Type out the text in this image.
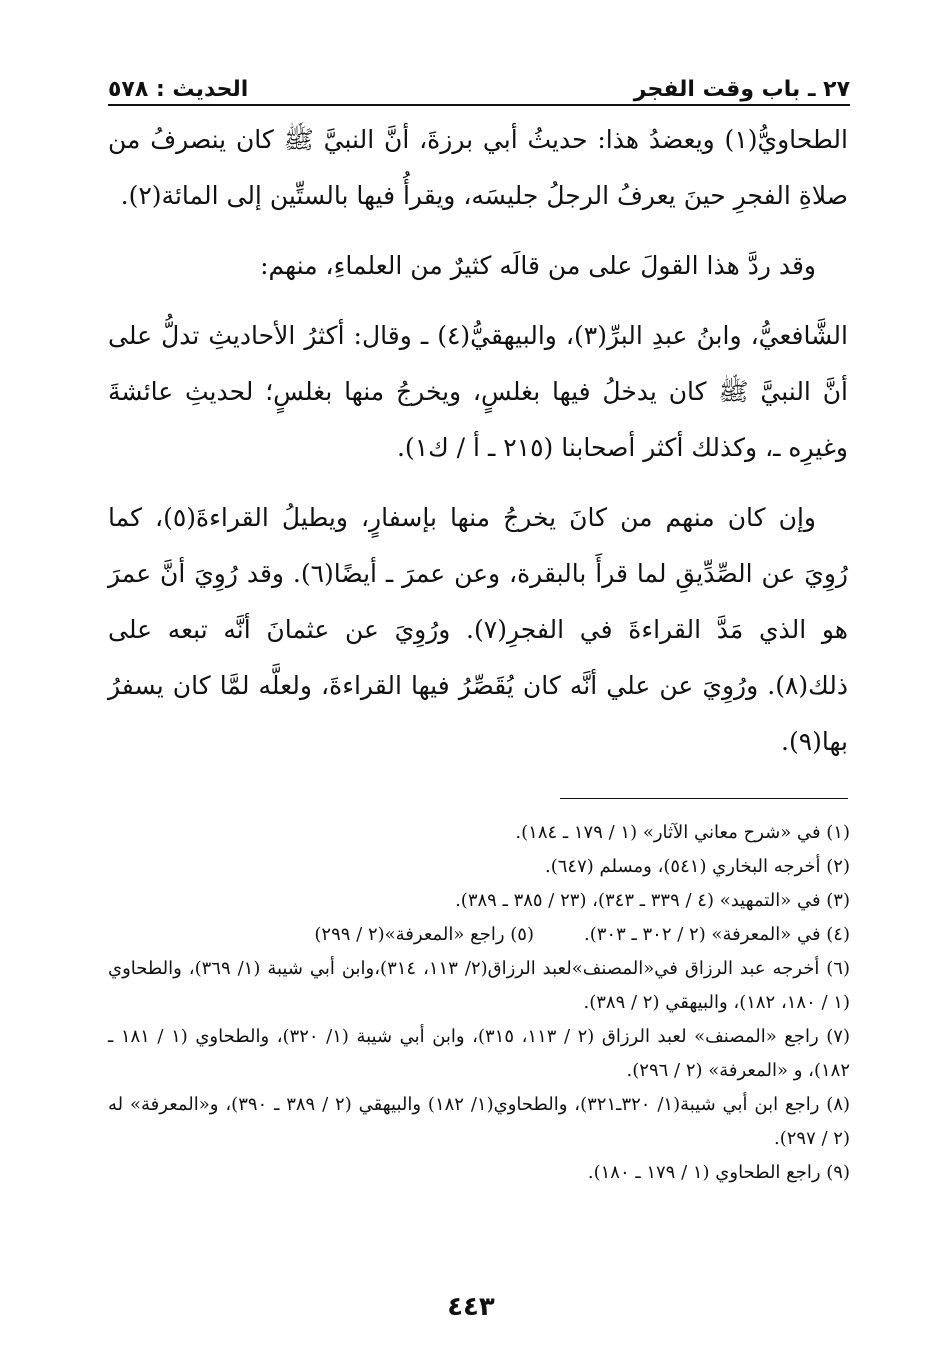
٢٧ ـ باب وقت الفجر
الحديث : ٥٧٨

الطحاويُّ(١) ويعضدُ هذا: حديثُ أبي برزةَ، أنَّ النبيَّ ﷺ كان ينصرفُ من صلاةِ الفجرِ حينَ يعرفُ الرجلُ جليسَه، ويقرأُ فيها بالستِّين إلى المائة(٢).

وقد ردَّ هذا القولَ على من قالَه كثيرٌ من العلماءِ، منهم:

الشَّافعيُّ، وابنُ عبدِ البرِّ(٣)، والبيهقيُّ(٤) ـ وقال: أكثرُ الأحاديثِ تدلُّ على أنَّ النبيَّ ﷺ كان يدخلُ فيها بغلسٍ، ويخرجُ منها بغلسٍ؛ لحديثِ عائشةَ وغيرِه ـ، وكذلك أكثر أصحابنا (٢١٥ ـ أ / ك١).

وإن كان منهم من كانَ يخرجُ منها بإسفارٍ، ويطيلُ القراءةَ(٥)، كما رُوِيَ عن الصِّدِّيقِ لما قرأَ بالبقرة، وعن عمرَ ـ أيضًا(٦). وقد رُوِيَ أنَّ عمرَ هو الذي مَدَّ القراءةَ في الفجرِ(٧). ورُوِيَ عن عثمانَ أنَّه تبعه على ذلك(٨). ورُوِيَ عن علي أنَّه كان يُقَصِّرُ فيها القراءةَ، ولعلَّه لمَّا كان يسفرُ بها(٩).

(١) في «شرح معاني الآثار» (١ / ١٧٩ ـ ١٨٤).

(٢) أخرجه البخاري (٥٤١)، ومسلم (٦٤٧).

(٣) في «التمهيد» (٤ / ٣٣٩ ـ ٣٤٣)، (٢٣ / ٣٨٥ ـ ٣٨٩).

(٤) في «المعرفة» (٢ / ٣٠٢ ـ ٣٠٣).

(٥) راجع «المعرفة»(٢ / ٢٩٩)

(٦) أخرجه عبد الرزاق في«المصنف»لعبد الرزاق(٢/ ١١٣، ٣١٤)،وابن أبي شيبة (١/ ٣٦٩)، والطحاوي (١ / ١٨٠، ١٨٢)، والبيهقي (٢ / ٣٨٩).

(٧) راجع «المصنف» لعبد الرزاق (٢ / ١١٣، ٣١٥)، وابن أبي شيبة (١/ ٣٢٠)، والطحاوي (١ / ١٨١ ـ ١٨٢)، و «المعرفة» (٢ / ٢٩٦).

(٨) راجع ابن أبي شيبة(١/ ٣٢٠ـ٣٢١)، والطحاوي(١/ ١٨٢) والبيهقي (٢ / ٣٨٩ ـ ٣٩٠)، و«المعرفة» له (٢ / ٢٩٧).

(٩) راجع الطحاوي (١ / ١٧٩ ـ ١٨٠).

٤٤٣
